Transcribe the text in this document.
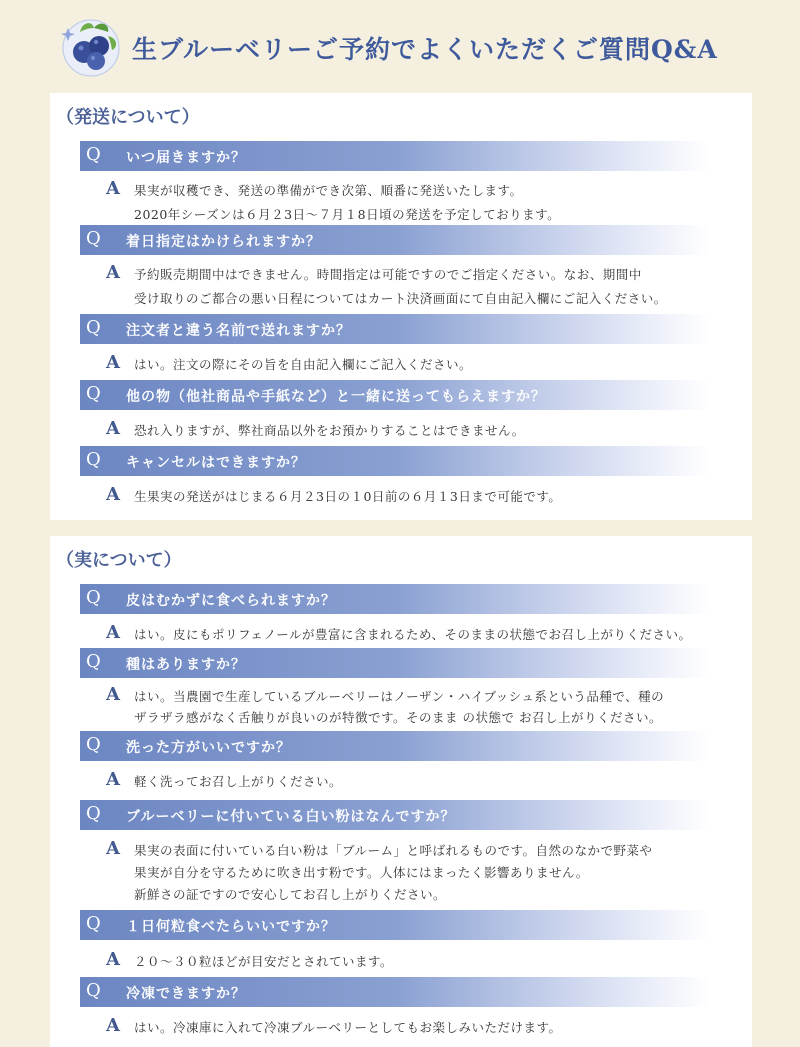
生ブルーベリーご予約でよくいただくご質問Q&A
（発送について）
Q いつ届きますか？
A 果実が収穫でき、発送の準備ができ次第、順番に発送いたします。
2020年シーズンは６月２3日～７月１8日頃の発送を予定しております。
Q 着日指定はかけられますか？
A 予約販売期間中はできません。時間指定は可能ですのでご指定ください。なお、期間中
受け取りのご都合の悪い日程についてはカート決済画面にて自由記入欄にご記入ください。
Q 注文者と違う名前で送れますか？
A はい。注文の際にその旨を自由記入欄にご記入ください。
Q 他の物（他社商品や手紙など）と一緒に送ってもらえますか？
A 恐れ入りますが、弊社商品以外をお預かりすることはできません。
Q キャンセルはできますか？
A 生果実の発送がはじまる６月２3日の１0日前の６月１3日まで可能です。
（実について）
Q 皮はむかずに食べられますか？
A はい。皮にもポリフェノールが豊富に含まれるため、そのままの状態でお召し上がりください。
Q 種はありますか？
A はい。当農園で生産しているブルーベリーはノーザン・ハイブッシュ系という品種で、種の
ザラザラ感がなく舌触りが良いのが特徴です。そのまま の状態で お召し上がりください。
Q 洗った方がいいですか？
A 軽く洗ってお召し上がりください。
Q ブルーベリーに付いている白い粉はなんですか？
A 果実の表面に付いている白い粉は「ブルーム」と呼ばれるものです。自然のなかで野菜や
果実が自分を守るために吹き出す粉です。人体にはまったく影響ありません。
新鮮さの証ですので安心してお召し上がりください。
Q １日何粒食べたらいいですか？
A ２０～３０粒ほどが目安だとされています。
Q 冷凍できますか？
A はい。冷凍庫に入れて冷凍ブルーベリーとしてもお楽しみいただけます。
